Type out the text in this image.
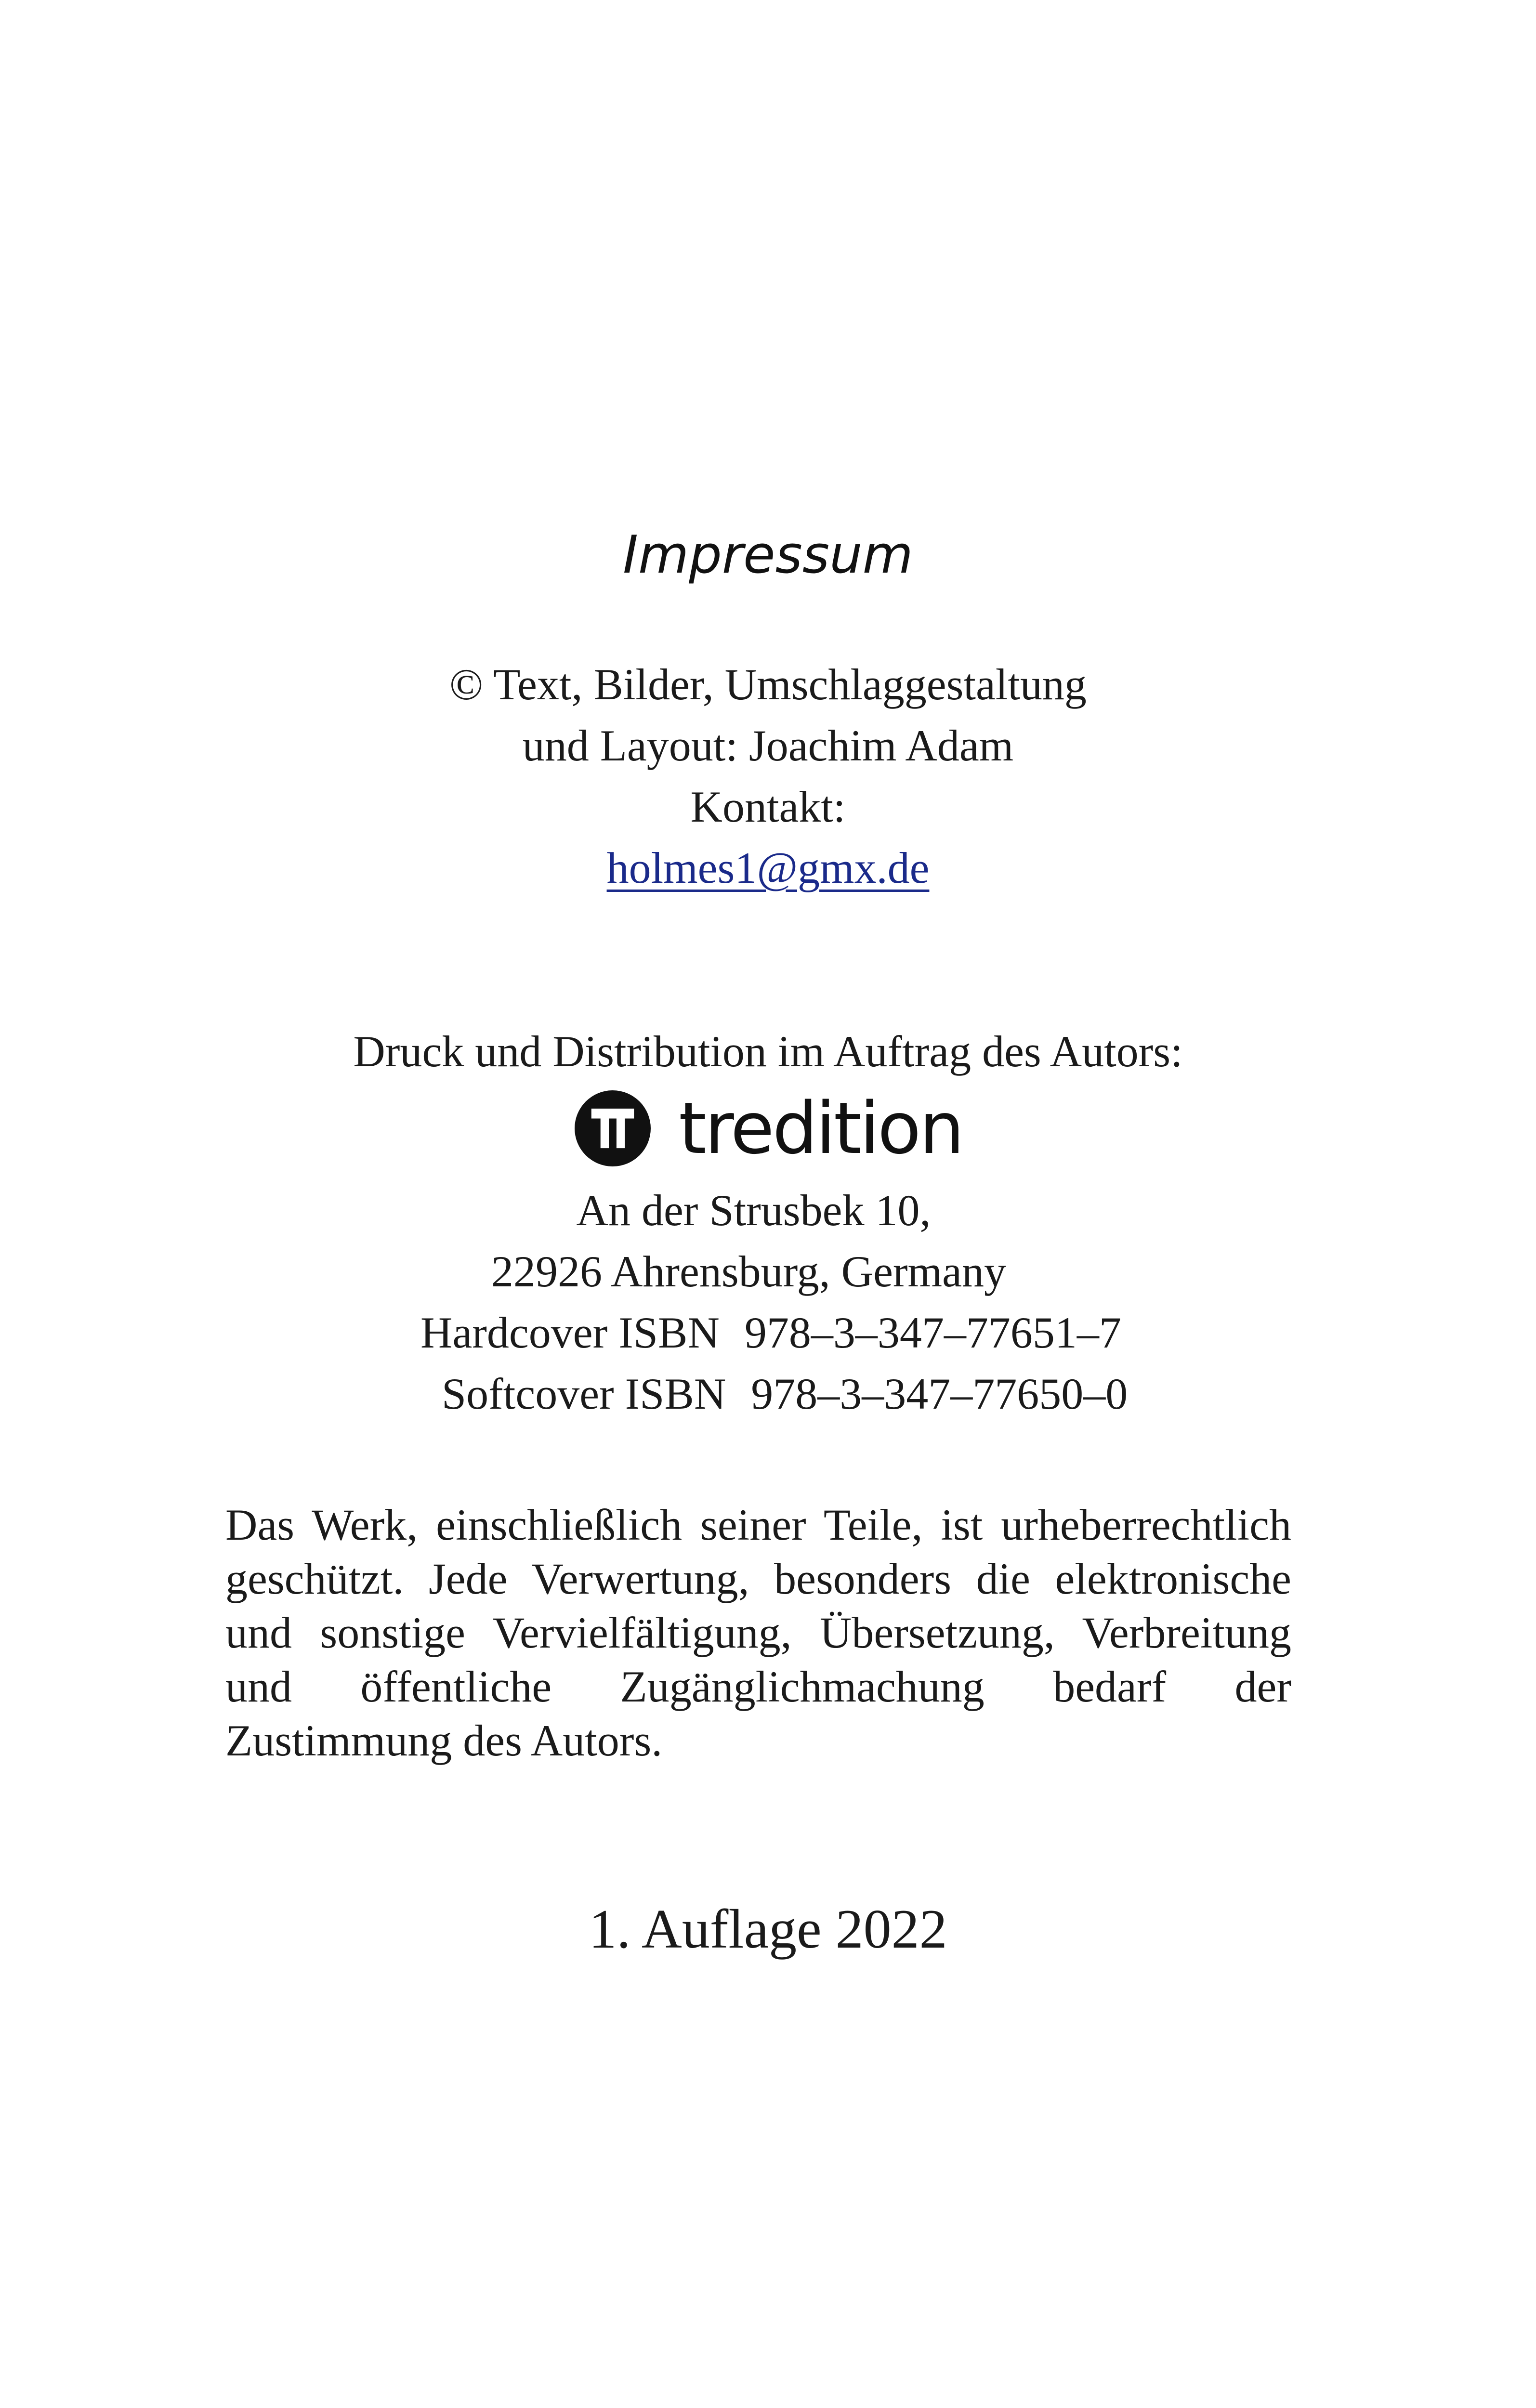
Impressum
© Text, Bilder, Umschlaggestaltung
und Layout: Joachim Adam
Kontakt:
holmes1@gmx.de
Druck und Distribution im Auftrag des Autors:
tredition
An der Strusbek 10,
22926 Ahrensburg, Germany
Hardcover ISBN 978–3–347–77651–7
Softcover ISBN 978–3–347–77650–0
Das Werk, einschließlich seiner Teile, ist urheberrechtlich geschützt. Jede Verwertung, besonders die elektronische und sonstige Vervielfältigung, Übersetzung, Verbreitung und öffentliche Zugänglichmachung bedarf der Zustimmung des Autors.
1. Auflage 2022
